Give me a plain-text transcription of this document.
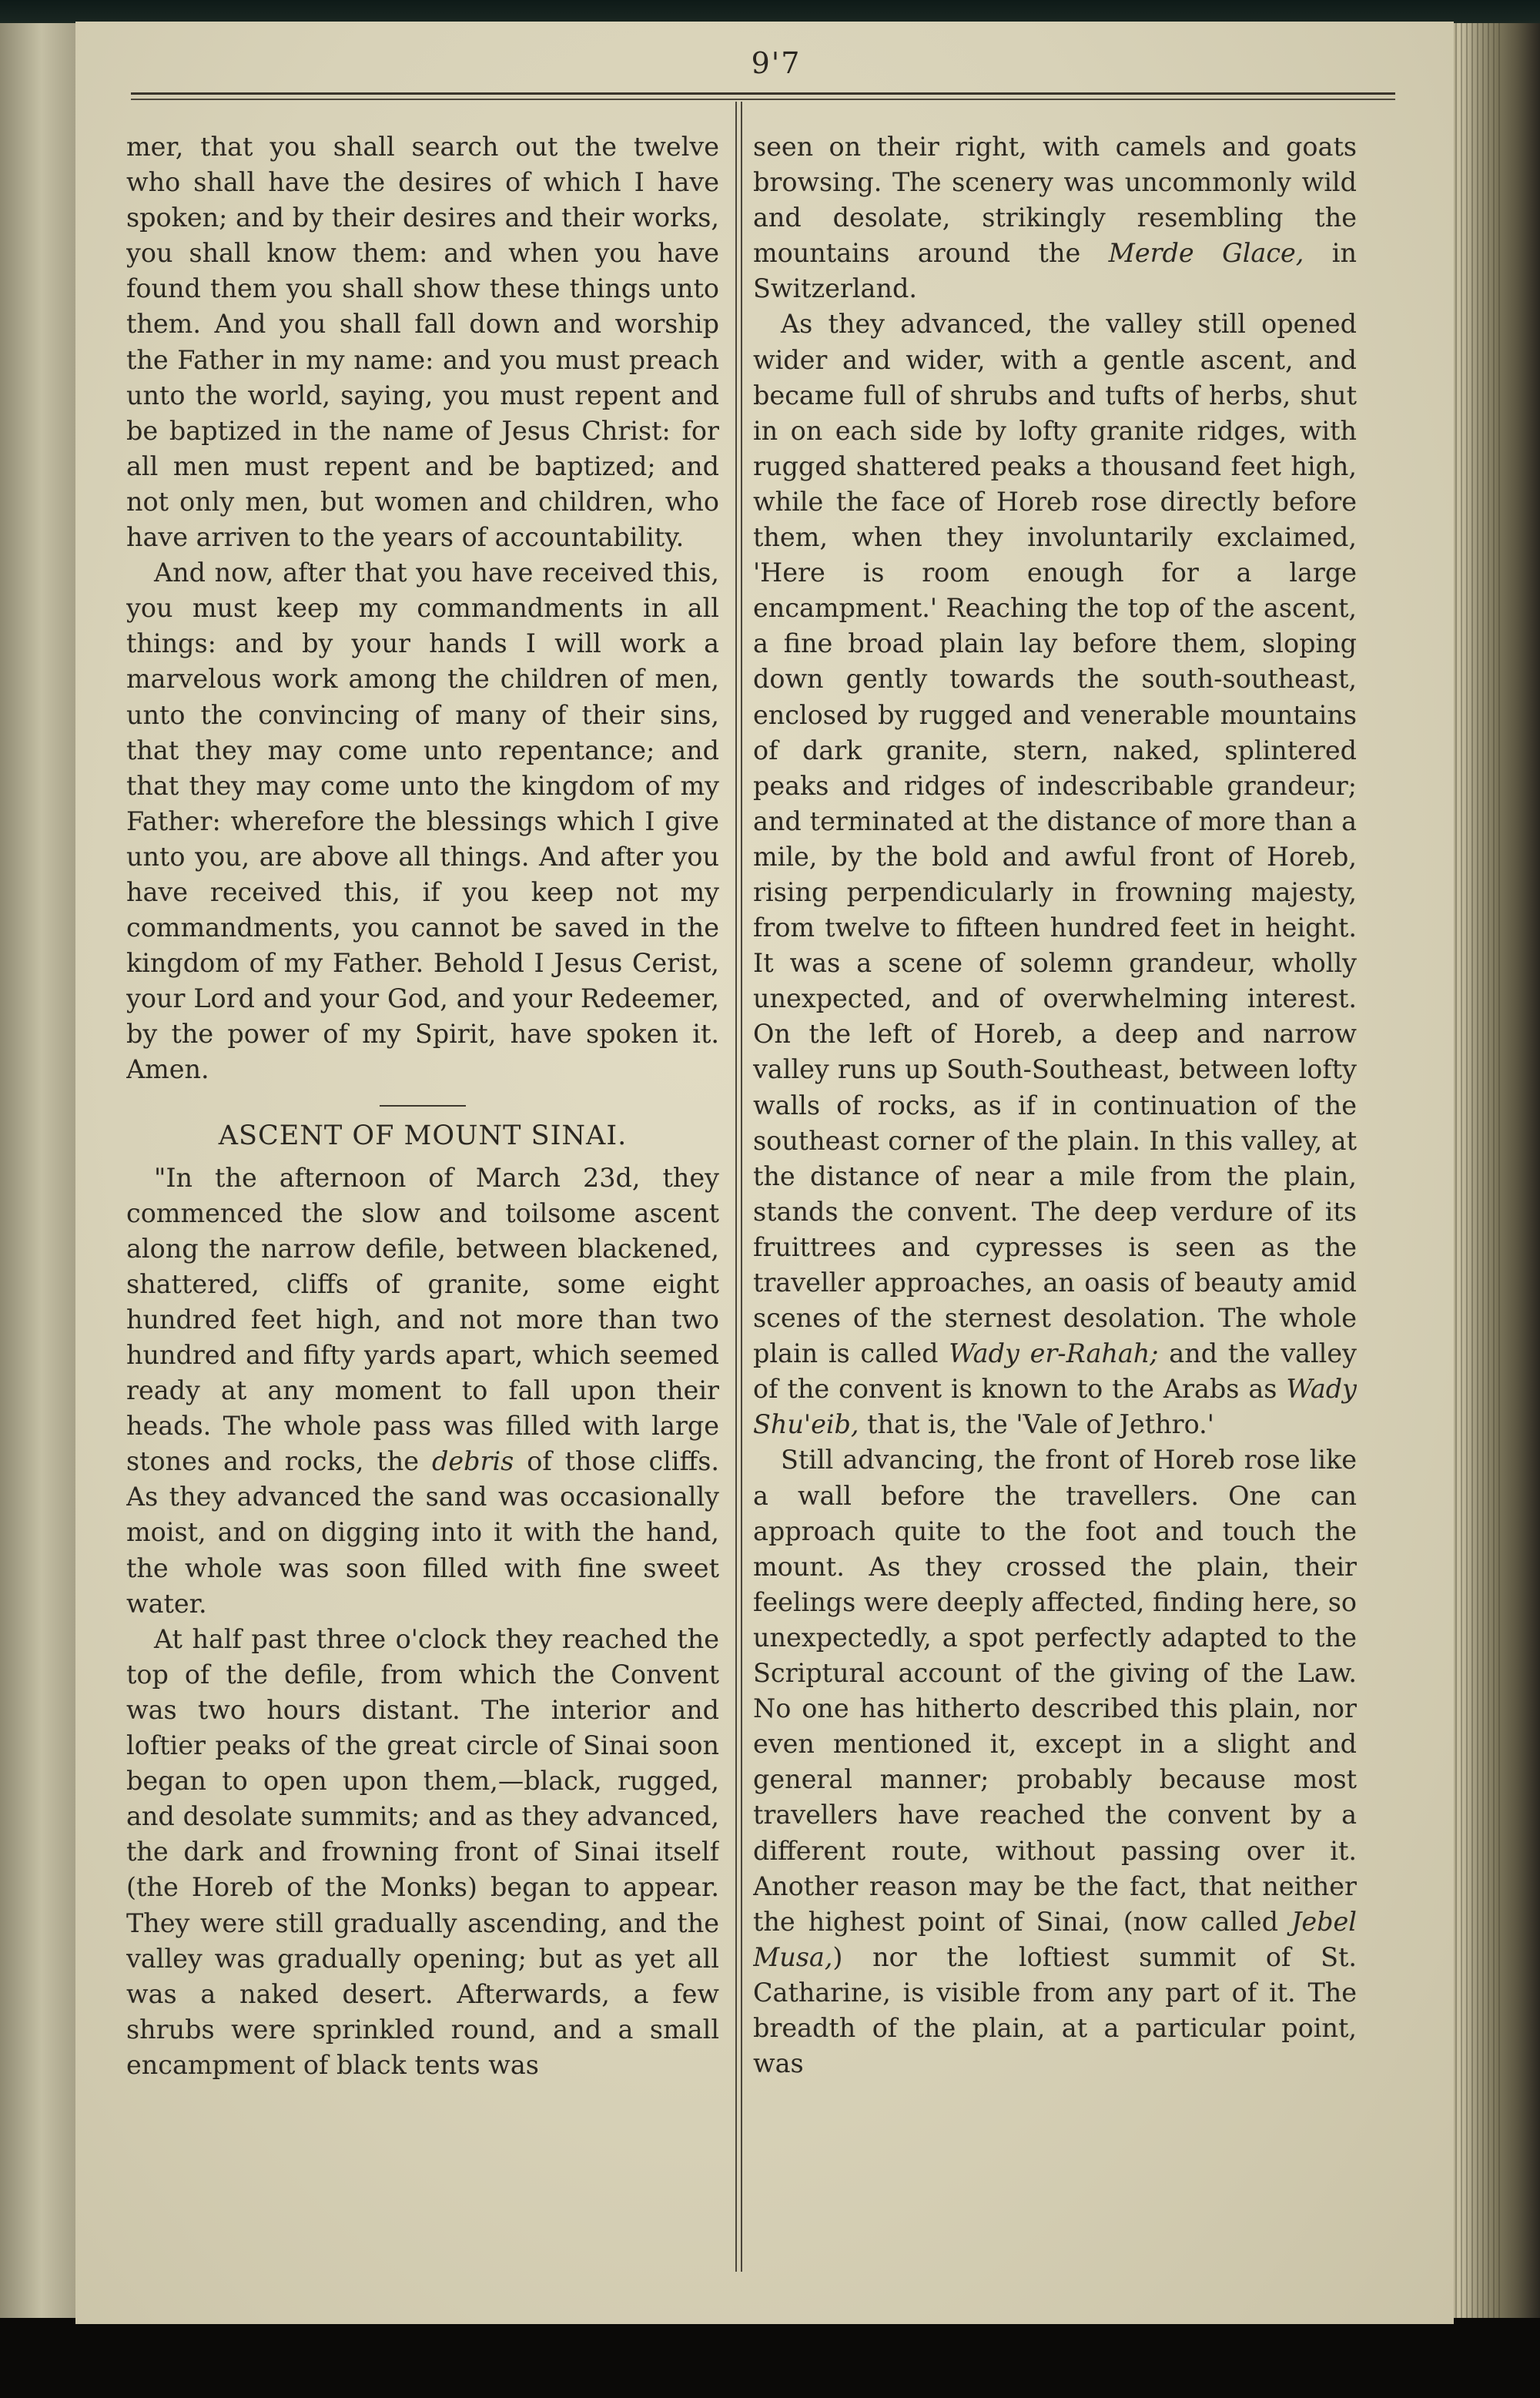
9'7

mer, that you shall search out the twelve who shall have the desires of which I have spoken; and by their desires and their works, you shall know them: and when you have found them you shall show these things unto them. And you shall fall down and worship the Father in my name: and you must preach unto the world, saying, you must repent and be baptized in the name of Jesus Christ: for all men must repent and be baptized; and not only men, but women and children, who have arriven to the years of accountability.

And now, after that you have received this, you must keep my commandments in all things: and by your hands I will work a marvelous work among the children of men, unto the convincing of many of their sins, that they may come unto repentance; and that they may come unto the kingdom of my Father: wherefore the blessings which I give unto you, are above all things. And after you have received this, if you keep not my commandments, you cannot be saved in the kingdom of my Father. Behold I Jesus Cerist, your Lord and your God, and your Redeemer, by the power of my Spirit, have spoken it. Amen.

ASCENT OF MOUNT SINAI.

"In the afternoon of March 23d, they commenced the slow and toilsome ascent along the narrow defile, between blackened, shattered, cliffs of granite, some eight hundred feet high, and not more than two hundred and fifty yards apart, which seemed ready at any moment to fall upon their heads. The whole pass was filled with large stones and rocks, the debris of those cliffs. As they advanced the sand was occasionally moist, and on digging into it with the hand, the whole was soon filled with fine sweet water.

At half past three o'clock they reached the top of the defile, from which the Convent was two hours distant. The interior and loftier peaks of the great circle of Sinai soon began to open upon them,—black, rugged, and desolate summits; and as they advanced, the dark and frowning front of Sinai itself (the Horeb of the Monks) began to appear. They were still gradually ascending, and the valley was gradually opening; but as yet all was a naked desert. Afterwards, a few shrubs were sprinkled round, and a small encampment of black tents was

seen on their right, with camels and goats browsing. The scenery was uncommonly wild and desolate, strikingly resembling the mountains around the Merde Glace, in Switzerland.

As they advanced, the valley still opened wider and wider, with a gentle ascent, and became full of shrubs and tufts of herbs, shut in on each side by lofty granite ridges, with rugged shattered peaks a thousand feet high, while the face of Horeb rose directly before them, when they involuntarily exclaimed, 'Here is room enough for a large encampment.' Reaching the top of the ascent, a fine broad plain lay before them, sloping down gently towards the south-southeast, enclosed by rugged and venerable mountains of dark granite, stern, naked, splintered peaks and ridges of indescribable grandeur; and terminated at the distance of more than a mile, by the bold and awful front of Horeb, rising perpendicularly in frowning majesty, from twelve to fifteen hundred feet in height. It was a scene of solemn grandeur, wholly unexpected, and of overwhelming interest. On the left of Horeb, a deep and narrow valley runs up South-Southeast, between lofty walls of rocks, as if in continuation of the southeast corner of the plain. In this valley, at the distance of near a mile from the plain, stands the convent. The deep verdure of its fruittrees and cypresses is seen as the traveller approaches, an oasis of beauty amid scenes of the sternest desolation. The whole plain is called Wady er-Rahah; and the valley of the convent is known to the Arabs as Wady Shu'eib, that is, the 'Vale of Jethro.'

Still advancing, the front of Horeb rose like a wall before the travellers. One can approach quite to the foot and touch the mount. As they crossed the plain, their feelings were deeply affected, finding here, so unexpectedly, a spot perfectly adapted to the Scriptural account of the giving of the Law. No one has hitherto described this plain, nor even mentioned it, except in a slight and general manner; probably because most travellers have reached the convent by a different route, without passing over it. Another reason may be the fact, that neither the highest point of Sinai, (now called Jebel Musa,) nor the loftiest summit of St. Catharine, is visible from any part of it. The breadth of the plain, at a particular point, was
